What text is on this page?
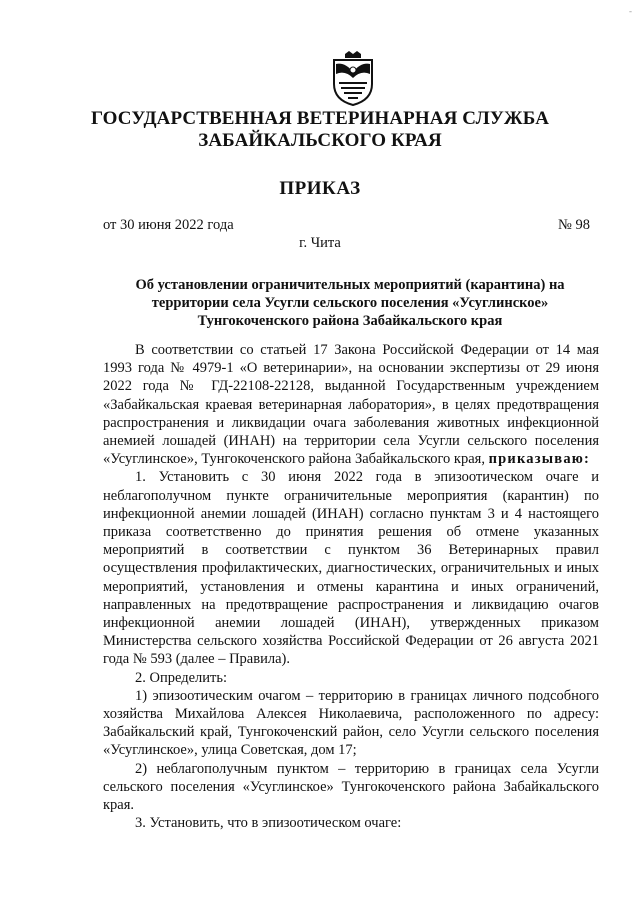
-
ГОСУДАРСТВЕННАЯ ВЕТЕРИНАРНАЯ СЛУЖБА
ЗАБАЙКАЛЬСКОГО КРАЯ
ПРИКАЗ
от 30 июня 2022 года	№ 98
г. Чита
Об установлении ограничительных мероприятий (карантина) на
территории села Усугли сельского поселения «Усуглинское»
Тунгокоченского района Забайкальского края

В соответствии со статьей 17 Закона Российской Федерации от 14 мая 1993 года № 4979-1 «О ветеринарии», на основании экспертизы от 29 июня 2022 года № ГД-22108-22128, выданной Государственным учреждением «Забайкальская краевая ветеринарная лаборатория», в целях предотвращения распространения и ликвидации очага заболевания животных инфекционной анемией лошадей (ИНАН) на территории села Усугли сельского поселения «Усуглинское», Тунгокоченского района Забайкальского края, приказываю:

1. Установить с 30 июня 2022 года в эпизоотическом очаге и неблагополучном пункте ограничительные мероприятия (карантин) по инфекционной анемии лошадей (ИНАН) согласно пунктам 3 и 4 настоящего приказа соответственно до принятия решения об отмене указанных мероприятий в соответствии с пунктом 36 Ветеринарных правил осуществления профилактических, диагностических, ограничительных и иных мероприятий, установления и отмены карантина и иных ограничений, направленных на предотвращение распространения и ликвидацию очагов инфекционной анемии лошадей (ИНАН), утвержденных приказом Министерства сельского хозяйства Российской Федерации от 26 августа 2021 года № 593 (далее – Правила).

2. Определить:

1) эпизоотическим очагом – территорию в границах личного подсобного хозяйства Михайлова Алексея Николаевича, расположенного по адресу: Забайкальский край, Тунгокоченский район, село Усугли сельского поселения «Усуглинское», улица Советская, дом 17;

2) неблагополучным пунктом – территорию в границах села Усугли сельского поселения «Усуглинское» Тунгокоченского района Забайкальского края.

3. Установить, что в эпизоотическом очаге:
